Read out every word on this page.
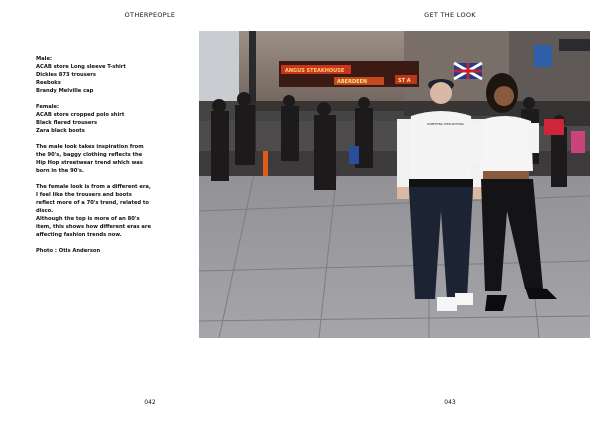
OTHERPEOPLE

Male:
ACAB store Long sleeve T-shirt
Dickies 873 trousers
Reeboks
Brandy Melville cap

Female:
ACAB store cropped polo shirt
Black flared trousers
Zara black boots

The male look takes inspiration from
the 90's, baggy clothing reflects the
Hip Hop streetwear trend which was
born in the 90's.

The female look is from a different era,
I feel like the trousers and boots
reflect more of a 70's trend, related to
disco.
Although the top is more of an 80's
item, this shows how different eras are
affecting fashion trends now.

Photo : Otis Anderson

042
GET THE LOOK
043
ANGUS STEAKHOUSE
ABERDEEN	ST A
SOMETHING THEN NOTHING
